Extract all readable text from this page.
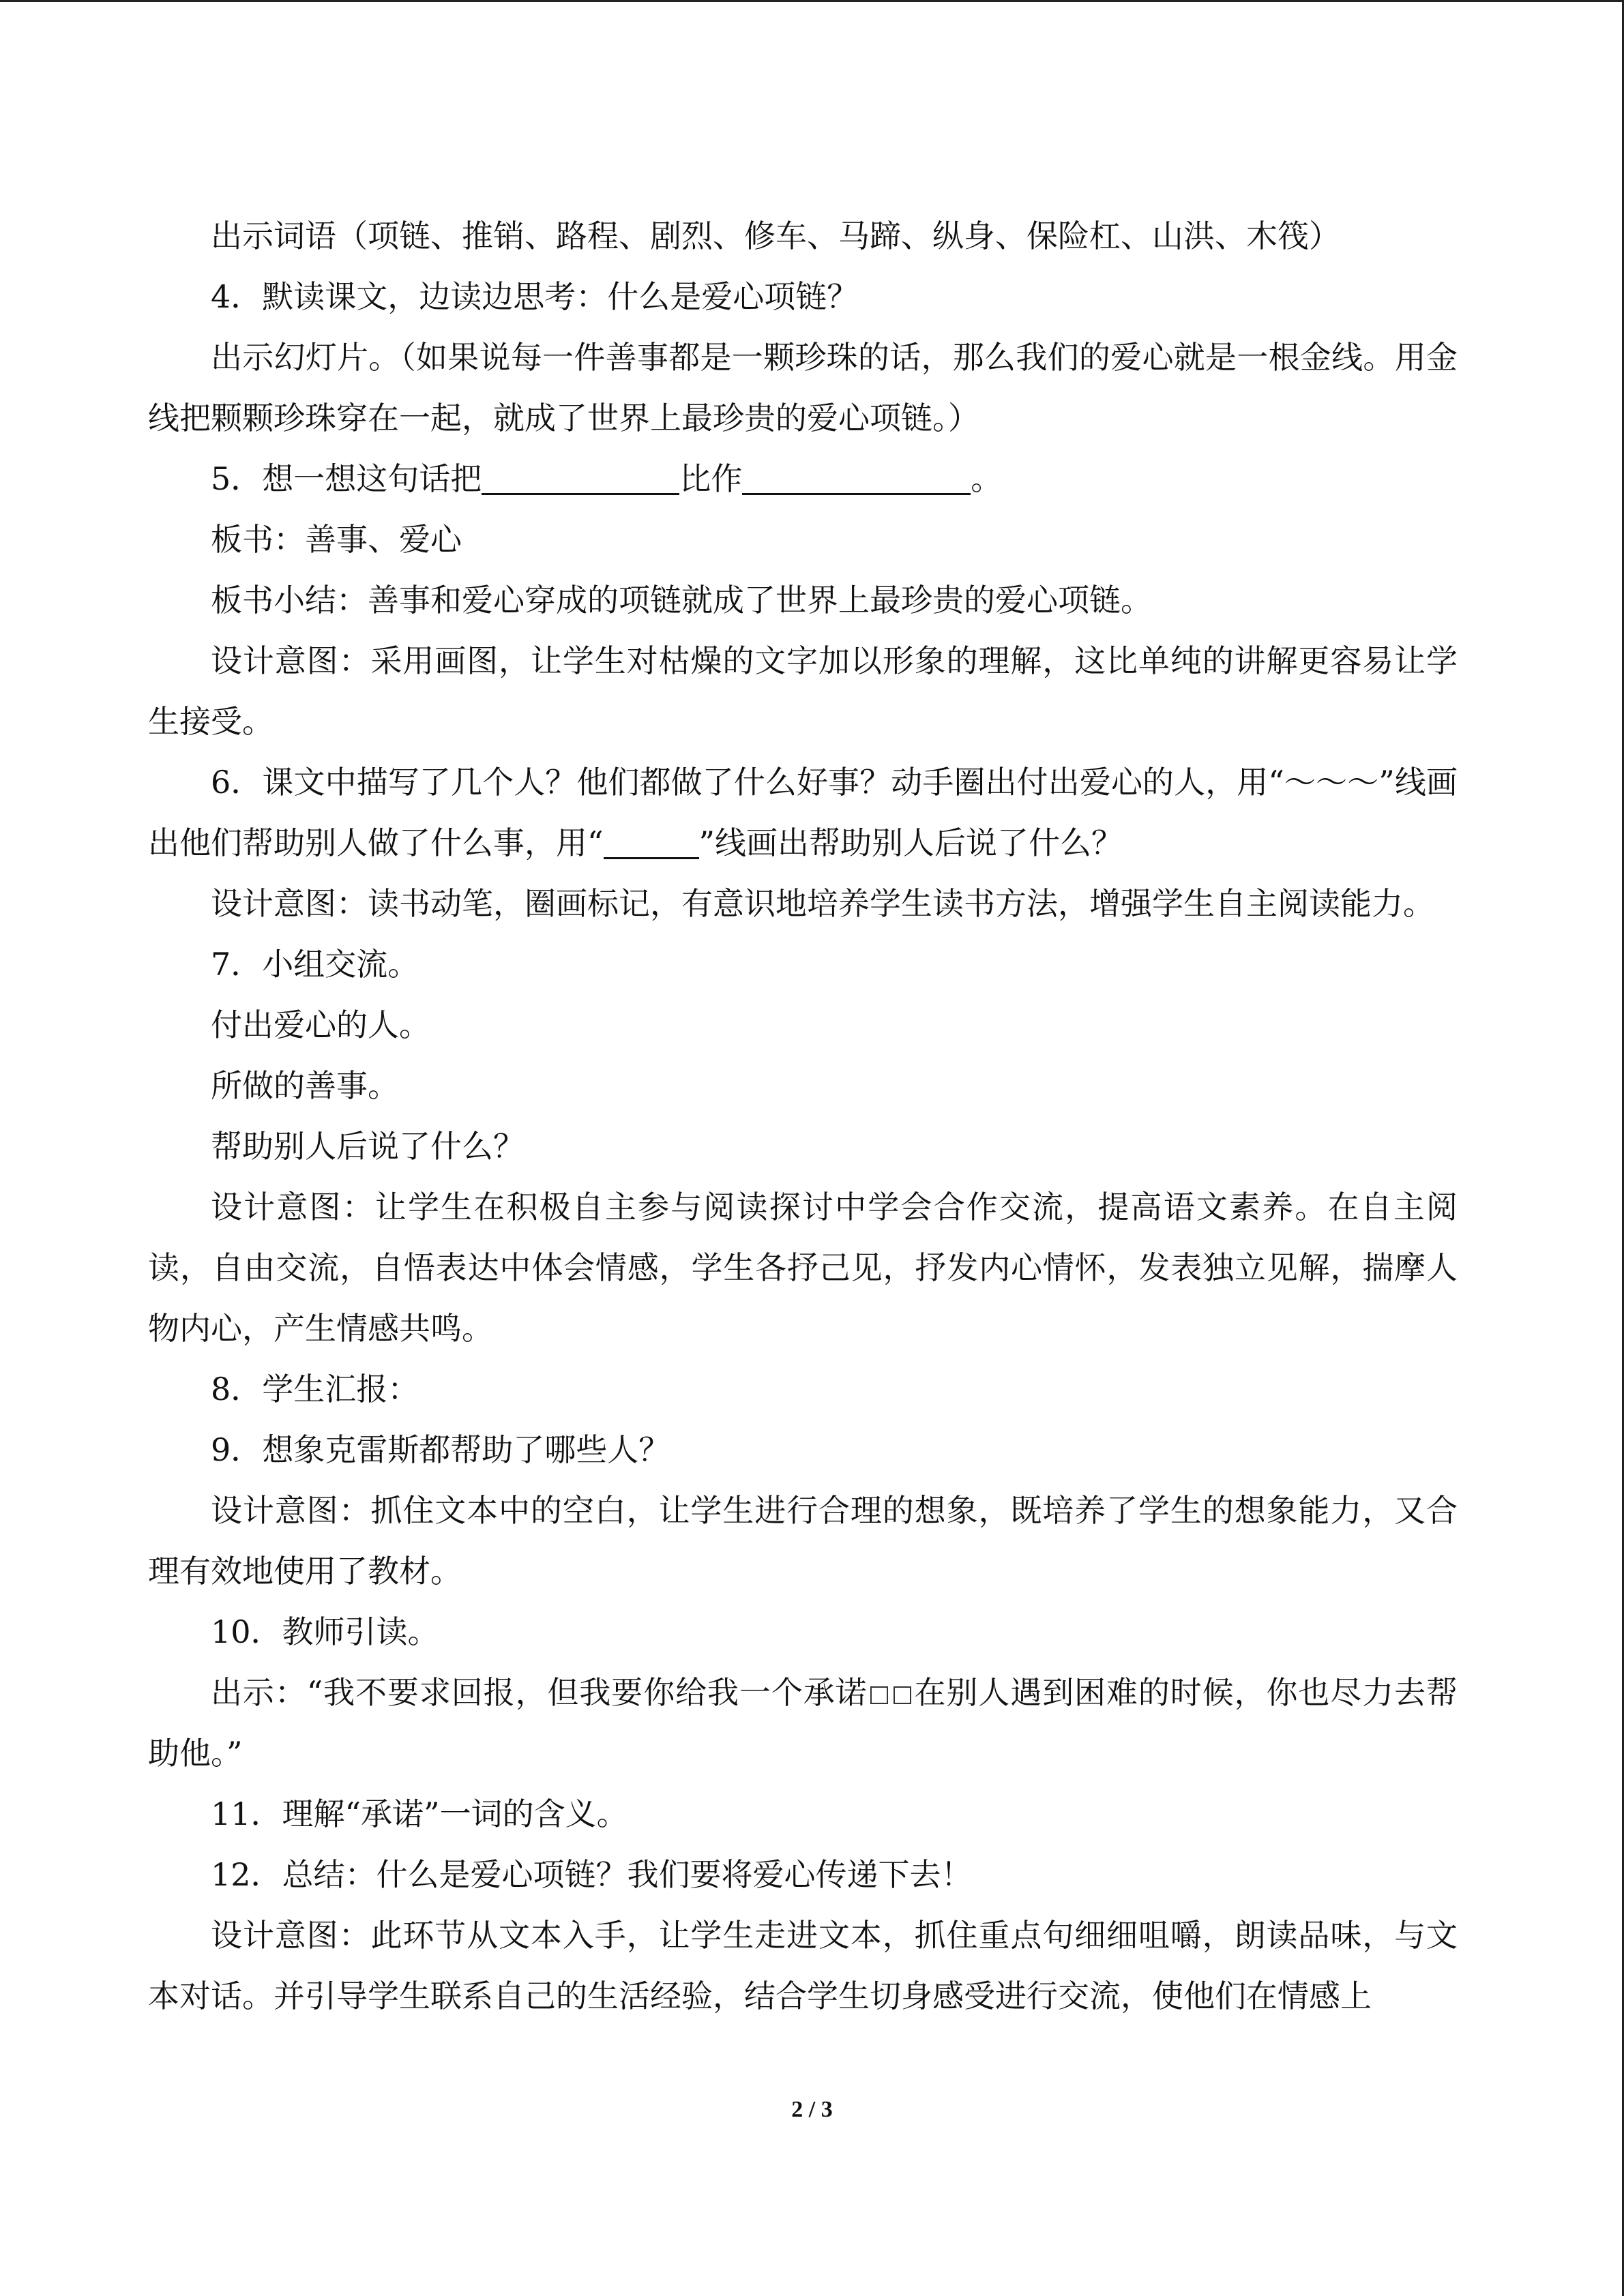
出示词语（项链、推销、路程、剧烈、修车、马蹄、纵身、保险杠、山洪、木筏）

4．默读课文，边读边思考：什么是爱心项链？

出示幻灯片。（如果说每一件善事都是一颗珍珠的话，那么我们的爱心就是一根金线。用金线把颗颗珍珠穿在一起，就成了世界上最珍贵的爱心项链。）

5．想一想这句话把	比作	。

板书：善事、爱心

板书小结：善事和爱心穿成的项链就成了世界上最珍贵的爱心项链。

设计意图：采用画图，让学生对枯燥的文字加以形象的理解，这比单纯的讲解更容易让学生接受。

6．课文中描写了几个人？他们都做了什么好事？动手圈出付出爱心的人，用“～～～”线画出他们帮助别人做了什么事，用“	”线画出帮助别人后说了什么？

设计意图：读书动笔，圈画标记，有意识地培养学生读书方法，增强学生自主阅读能力。

7．小组交流。

付出爱心的人。

所做的善事。

帮助别人后说了什么？

设计意图：让学生在积极自主参与阅读探讨中学会合作交流，提高语文素养。在自主阅读，自由交流，自悟表达中体会情感，学生各抒己见，抒发内心情怀，发表独立见解，揣摩人物内心，产生情感共鸣。

8．学生汇报：

9．想象克雷斯都帮助了哪些人？

设计意图：抓住文本中的空白，让学生进行合理的想象，既培养了学生的想象能力，又合理有效地使用了教材。

10．教师引读。

出示：“我不要求回报，但我要你给我一个承诺 在别人遇到困难的时候，你也尽力去帮助他。”

11．理解“承诺”一词的含义。

12．总结：什么是爱心项链？我们要将爱心传递下去！

设计意图：此环节从文本入手，让学生走进文本，抓住重点句细细咀嚼，朗读品味，与文本对话。并引导学生联系自己的生活经验，结合学生切身感受进行交流，使他们在情感上

2 / 3
